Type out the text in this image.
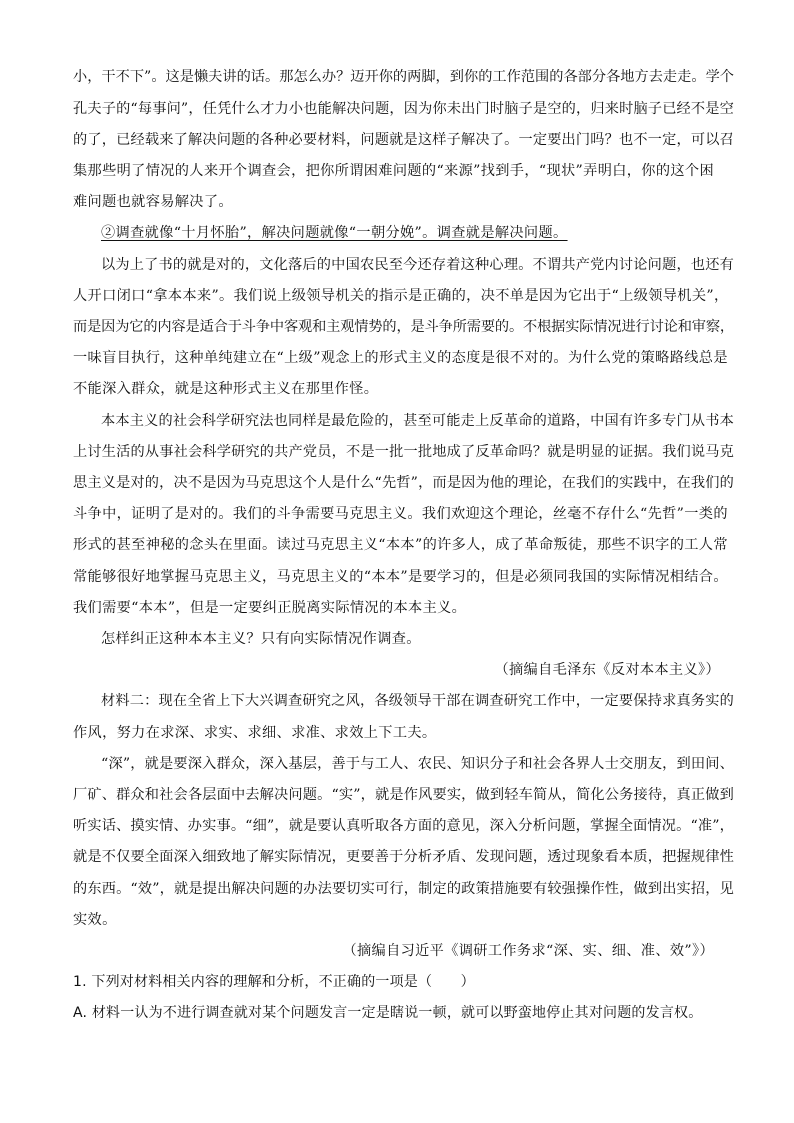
小，干不下”。这是懒夫讲的话。那怎么办？迈开你的两脚，到你的工作范围的各部分各地方去走走。学个
孔夫子的“每事问”，任凭什么才力小也能解决问题，因为你未出门时脑子是空的，归来时脑子已经不是空
的了，已经载来了解决问题的各种必要材料，问题就是这样子解决了。一定要出门吗？也不一定，可以召
集那些明了情况的人来开个调查会，把你所谓困难问题的“来源”找到手，“现状”弄明白，你的这个困
难问题也就容易解决了。
②调查就像“十月怀胎”，解决问题就像“一朝分娩”。调查就是解决问题。
以为上了书的就是对的，文化落后的中国农民至今还存着这种心理。不谓共产党内讨论问题，也还有
人开口闭口“拿本本来”。我们说上级领导机关的指示是正确的，决不单是因为它出于“上级领导机关”，
而是因为它的内容是适合于斗争中客观和主观情势的，是斗争所需要的。不根据实际情况进行讨论和审察，
一味盲目执行，这种单纯建立在“上级”观念上的形式主义的态度是很不对的。为什么党的策略路线总是
不能深入群众，就是这种形式主义在那里作怪。
本本主义的社会科学研究法也同样是最危险的，甚至可能走上反革命的道路，中国有许多专门从书本
上讨生活的从事社会科学研究的共产党员，不是一批一批地成了反革命吗？就是明显的证据。我们说马克
思主义是对的，决不是因为马克思这个人是什么“先哲”，而是因为他的理论，在我们的实践中，在我们的
斗争中，证明了是对的。我们的斗争需要马克思主义。我们欢迎这个理论，丝毫不存什么“先哲”一类的
形式的甚至神秘的念头在里面。读过马克思主义“本本”的许多人，成了革命叛徒，那些不识字的工人常
常能够很好地掌握马克思主义，马克思主义的“本本”是要学习的，但是必须同我国的实际情况相结合。
我们需要“本本”，但是一定要纠正脱离实际情况的本本主义。
怎样纠正这种本本主义？只有向实际情况作调查。
（摘编自毛泽东《反对本本主义》）
材料二：现在全省上下大兴调查研究之风，各级领导干部在调查研究工作中，一定要保持求真务实的
作风，努力在求深、求实、求细、求准、求效上下工夫。
“深”，就是要深入群众，深入基层，善于与工人、农民、知识分子和社会各界人士交朋友，到田间、
厂矿、群众和社会各层面中去解决问题。“实”，就是作风要实，做到轻车简从，简化公务接待，真正做到
听实话、摸实情、办实事。“细”，就是要认真听取各方面的意见，深入分析问题，掌握全面情况。“准”，
就是不仅要全面深入细致地了解实际情况，更要善于分析矛盾、发现问题，透过现象看本质，把握规律性
的东西。“效”，就是提出解决问题的办法要切实可行，制定的政策措施要有较强操作性，做到出实招，见
实效。
（摘编自习近平《调研工作务求“深、实、细、准、效”》）
1. 下列对材料相关内容的理解和分析，不正确的一项是（　　）
A. 材料一认为不进行调查就对某个问题发言一定是瞎说一顿，就可以野蛮地停止其对问题的发言权。
